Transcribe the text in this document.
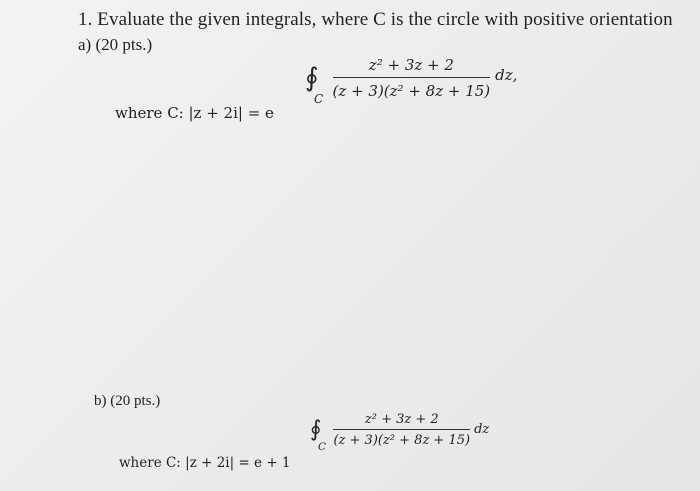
1. Evaluate the given integrals, where C is the circle with positive orientation
a) (20 pts.)
∮
C $\frac{\text{z² + 3z + 2}}{\text{(z + 3)(z² + 8z + 15)}}$ dz,
where C: |z + 2i| = e
b) (20 pts.)
∮
C $\frac{\text{z² + 3z + 2}}{\text{(z + 3)(z² + 8z + 15)}}$ dz
where C: |z + 2i| = e + 1
